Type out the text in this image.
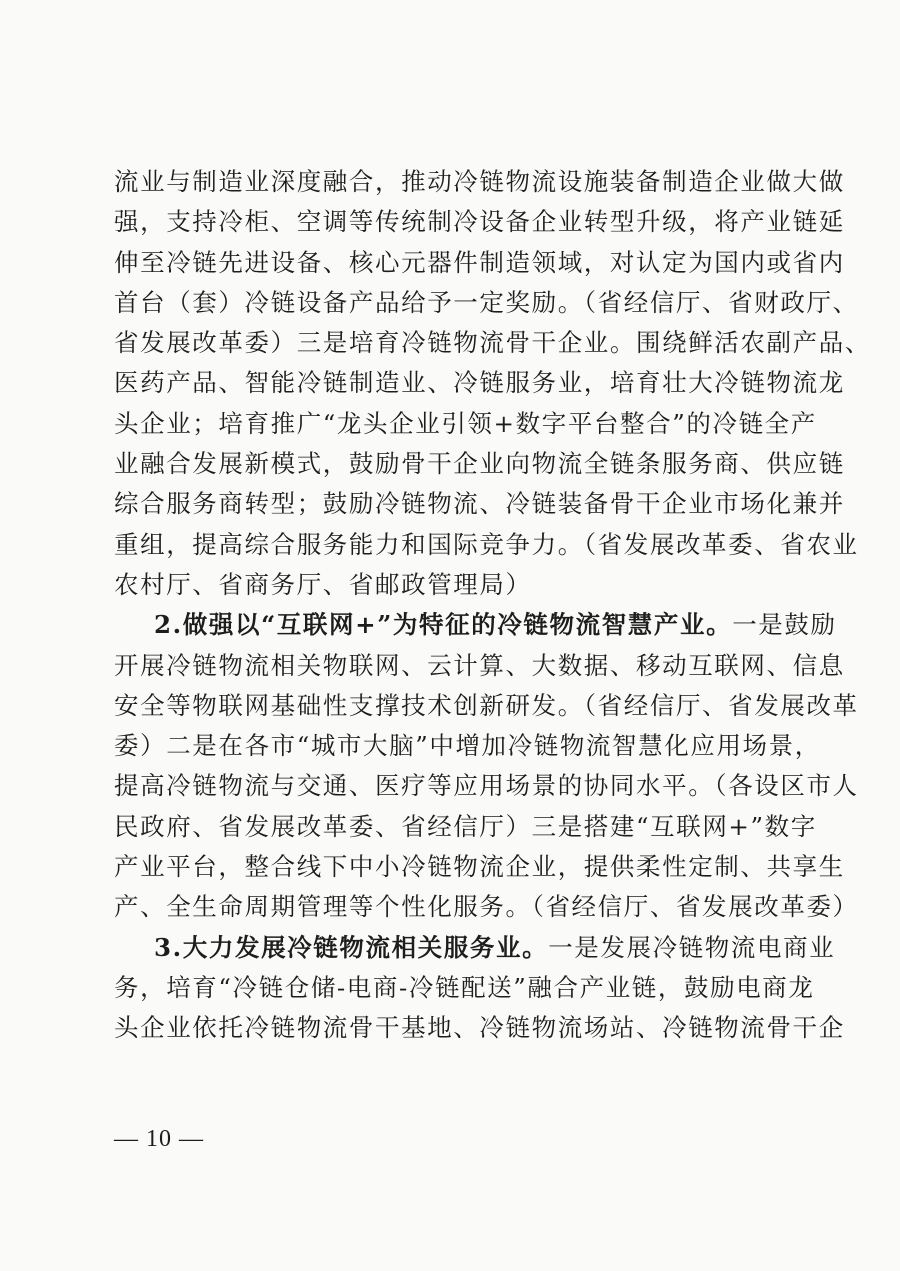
流业与制造业深度融合，推动冷链物流设施装备制造企业做大做
强，支持冷柜、空调等传统制冷设备企业转型升级，将产业链延
伸至冷链先进设备、核心元器件制造领域，对认定为国内或省内
首台（套）冷链设备产品给予一定奖励。（省经信厅、省财政厅、
省发展改革委）三是培育冷链物流骨干企业。围绕鲜活农副产品、
医药产品、智能冷链制造业、冷链服务业，培育壮大冷链物流龙
头企业；培育推广“龙头企业引领+数字平台整合”的冷链全产
业融合发展新模式，鼓励骨干企业向物流全链条服务商、供应链
综合服务商转型；鼓励冷链物流、冷链装备骨干企业市场化兼并
重组，提高综合服务能力和国际竞争力。（省发展改革委、省农业
农村厅、省商务厅、省邮政管理局）
2.做强以“互联网+”为特征的冷链物流智慧产业。一是鼓励
开展冷链物流相关物联网、云计算、大数据、移动互联网、信息
安全等物联网基础性支撑技术创新研发。（省经信厅、省发展改革
委）二是在各市“城市大脑”中增加冷链物流智慧化应用场景，
提高冷链物流与交通、医疗等应用场景的协同水平。（各设区市人
民政府、省发展改革委、省经信厅）三是搭建“互联网+”数字
产业平台，整合线下中小冷链物流企业，提供柔性定制、共享生
产、全生命周期管理等个性化服务。（省经信厅、省发展改革委）
3.大力发展冷链物流相关服务业。一是发展冷链物流电商业
务，培育“冷链仓储-电商-冷链配送”融合产业链，鼓励电商龙
头企业依托冷链物流骨干基地、冷链物流场站、冷链物流骨干企
— 10 —
